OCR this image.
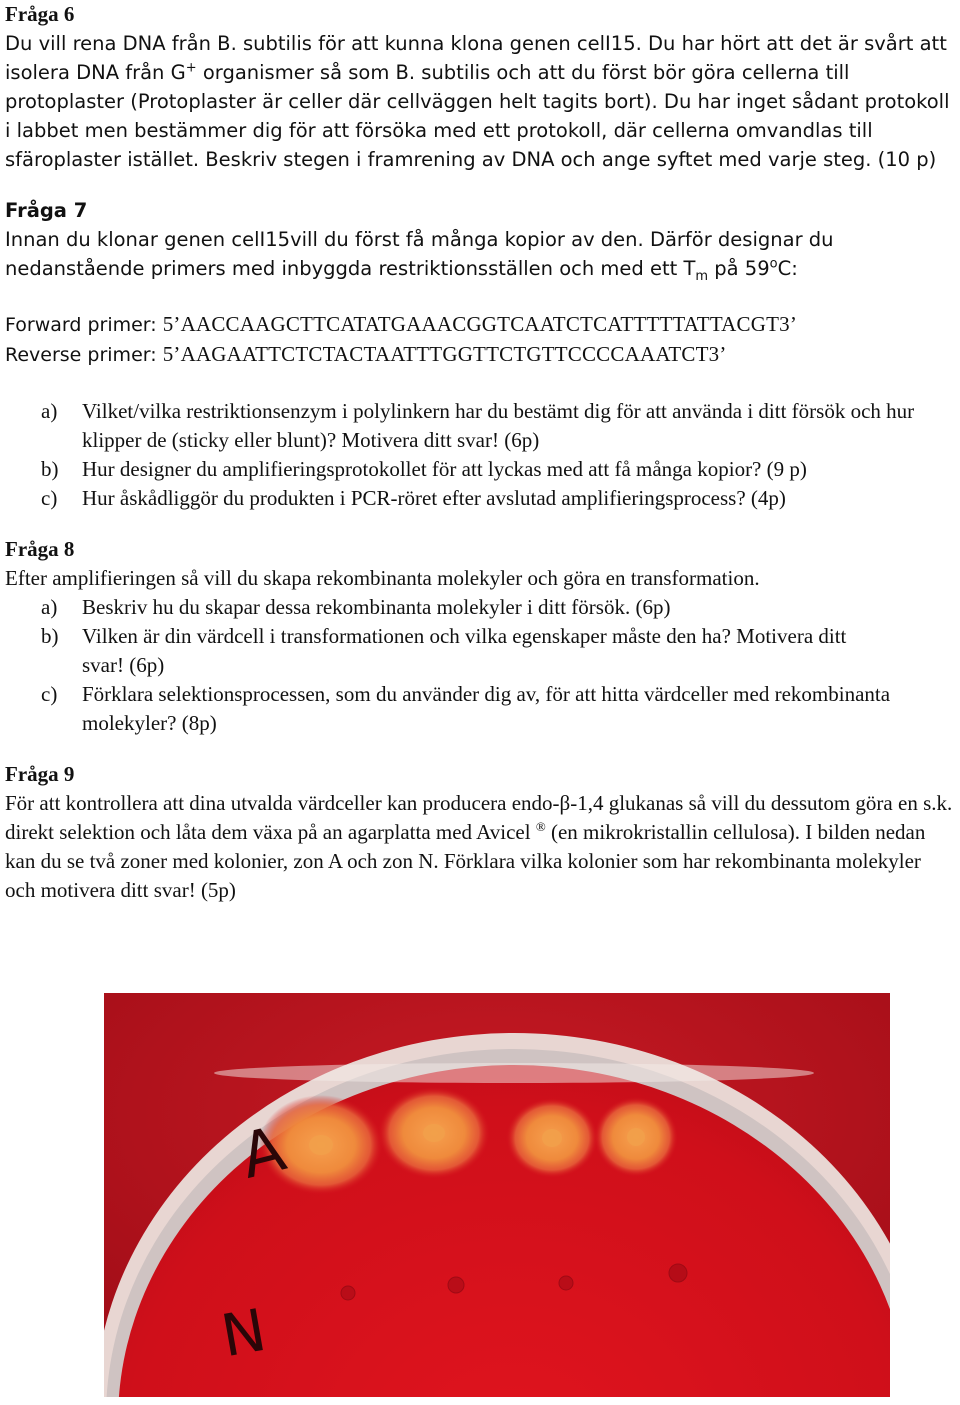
Fråga 6

Du vill rena DNA från B. subtilis för att kunna klona genen celI15. Du har hört att det är svårt att isolera DNA från G+ organismer så som B. subtilis och att du först bör göra cellerna till protoplaster (Protoplaster är celler där cellväggen helt tagits bort). Du har inget sådant protokoll i labbet men bestämmer dig för att försöka med ett protokoll, där cellerna omvandlas till sfäroplaster istället. Beskriv stegen i framrening av DNA och ange syftet med varje steg. (10 p)

Fråga 7

Innan du klonar genen celI15vill du först få många kopior av den. Därför designar du nedanstående primers med inbyggda restriktionsställen och med ett $T_m$ på 59$^o$C:

Forward primer: 5’AACCAAGCTTCATATGAAACGGTCAATCTCATTTTTATTACGT3’

Reverse primer: 5’AAGAATTCTCTACTAATTTGGTTCTGTTCCCCAAATCT3’

a) Vilket/vilka restriktionsenzym i polylinkern har du bestämt dig för att använda i ditt försök och hur klipper de (sticky eller blunt)? Motivera ditt svar! (6p)
b) Hur designer du amplifieringsprotokollet för att lyckas med att få många kopior? (9 p)
c) Hur åskådliggör du produkten i PCR-röret efter avslutad amplifieringsprocess? (4p)

Fråga 8

Efter amplifieringen så vill du skapa rekombinanta molekyler och göra en transformation.

a) Beskriv hu du skapar dessa rekombinanta molekyler i ditt försök. (6p)
b) Vilken är din värdcell i transformationen och vilka egenskaper måste den ha? Motivera ditt svar! (6p)
c) Förklara selektionsprocessen, som du använder dig av, för att hitta värdceller med rekombinanta molekyler? (8p)

Fråga 9

För att kontrollera att dina utvalda värdceller kan producera endo-β-1,4 glukanas så vill du dessutom göra en s.k. direkt selektion och låta dem växa på an agarplatta med Avicel ® (en mikrokristallin cellulosa). I bilden nedan kan du se två zoner med kolonier, zon A och zon N. Förklara vilka kolonier som har rekombinanta molekyler och motivera ditt svar! (5p)

A
N
